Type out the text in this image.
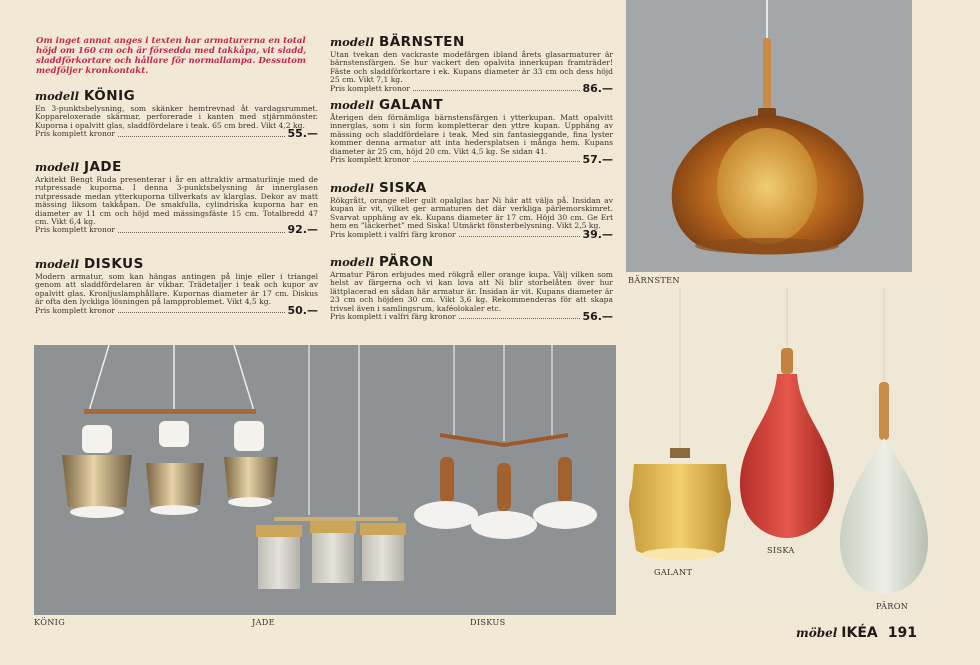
Om inget annat anges i texten har armaturerna en total höjd om 160 cm och är försedda med takkåpa, vit sladd, sladdförkortare och hållare för normallampa. Dessutom medföljer kronkontakt.

modell KÖNIG

En 3-punktsbelysning, som skänker hemtrevnad åt vardagsrummet. Koppareloxerade skärmar, perforerade i kanten med stjärnmönster. Kuporna i opalvitt glas, sladdfördelare i teak. 65 cm bred. Vikt 4,2 kg.

Pris komplett kronor	55.—
modell JADE

Arkitekt Bengt Ruda presenterar i år en attraktiv armaturlinje med de rutpressade kuporna. I denna 3-punktsbelysning är innerglasen rutpressade medan ytterkuporna tillverkats av klarglas. Dekor av matt mässing liksom takkåpan. De smakfulla, cylindriska kuporna har en diameter av 11 cm och höjd med mässingsfäste 15 cm. Totalbredd 47 cm. Vikt 6,4 kg.

Pris komplett kronor	92.—
modell DISKUS

Modern armatur, som kan hängas antingen på linje eller i triangel genom att sladdfördelaren är vikbar. Trädetaljer i teak och kupor av opalvitt glas. Kronljuslamphållare. Kupornas diameter är 17 cm. Diskus är ofta den lyckliga lösningen på lampproblemet. Vikt 4,5 kg.

Pris komplett kronor	50.—
modell BÄRNSTEN

Utan tvekan den vackraste modefärgen ibland årets glasarmaturer är bärnstensfärgen. Se hur vackert den opalvita innerkupan framträder! Fäste och sladdförkortare i ek. Kupans diameter är 33 cm och dess höjd 25 cm. Vikt 7,1 kg.

Pris komplett kronor	86.—
modell GALANT

Återigen den förnämliga bärnstensfärgen i ytterkupan. Matt opalvitt innerglas, som i sin form kompletterar den yttre kupan. Upphäng av mässing och sladdfördelare i teak. Med sin fantasieggande, fina lyster kommer denna armatur att inta hedersplatsen i många hem. Kupans diameter är 25 cm, höjd 20 cm. Vikt 4,5 kg. Se sidan 41.

Pris komplett kronor	57.—
modell SISKA

Rökgrått, orange eller gult opalglas har Ni här att välja på. Insidan av kupan är vit, vilket ger armaturen det där verkliga pärlemorskimret. Svarvat upphäng av ek. Kupans diameter är 17 cm. Höjd 30 cm. Ge Ert hem en ”läckerhet” med Siska! Utmärkt fönsterbelysning. Vikt 2,5 kg.

Pris komplett i valfri färg kronor	39.—
modell PÄRON

Armatur Päron erbjudes med rökgrå eller orange kupa. Välj vilken som helst av färgerna och vi kan lova att Ni blir storbelåten över hur lättplacerad en sådan här armatur är. Insidan är vit. Kupans diameter är 23 cm och höjden 30 cm. Vikt 3,6 kg. Rekommenderas för att skapa trivsel även i samlingsrum, kaféolokaler etc.

Pris komplett i valfri färg kronor	56.—
BÄRNSTEN
KÖNIG	JADE	DISKUS
GALANT
SISKA
PÄRON
möbel IKÉA 191
